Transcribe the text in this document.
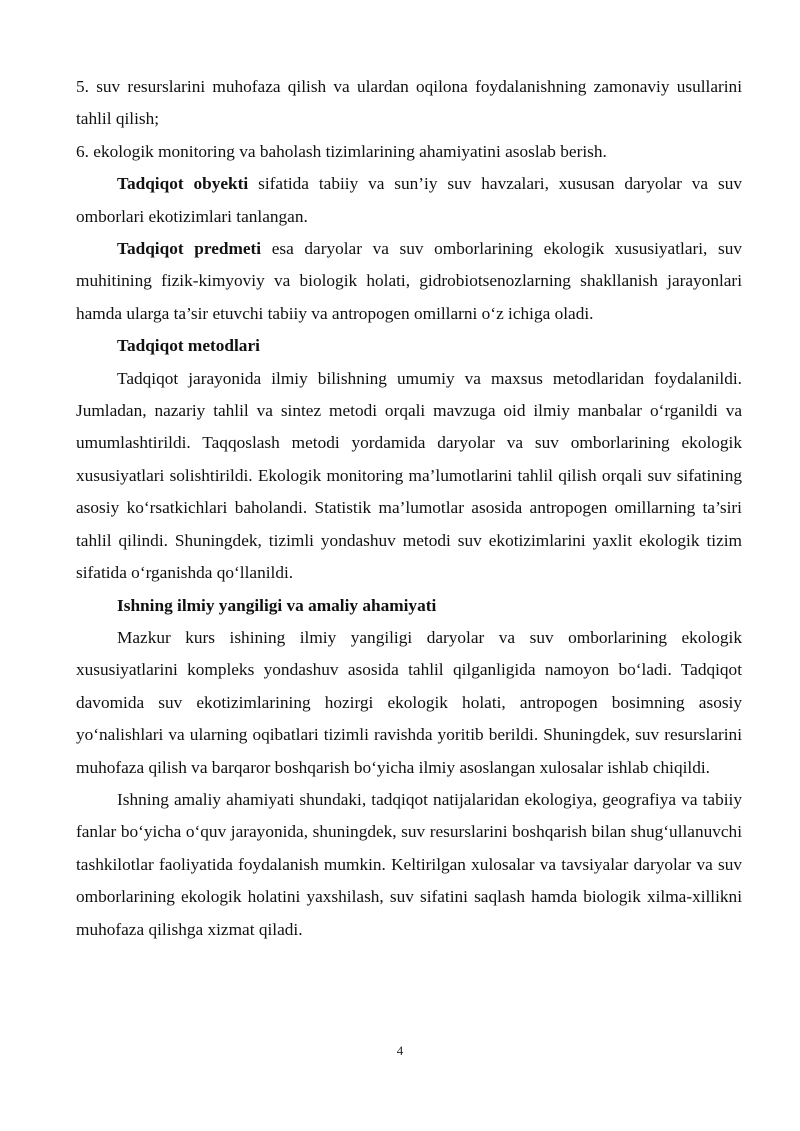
5. suv resurslarini muhofaza qilish va ulardan oqilona foydalanishning zamonaviy usullarini tahlil qilish;

6. ekologik monitoring va baholash tizimlarining ahamiyatini asoslab berish.

Tadqiqot obyekti sifatida tabiiy va sun’iy suv havzalari, xususan daryolar va suv omborlari ekotizimlari tanlangan.

Tadqiqot predmeti esa daryolar va suv omborlarining ekologik xususiyatlari, suv muhitining fizik-kimyoviy va biologik holati, gidrobiotsenozlarning shakllanish jarayonlari hamda ularga ta’sir etuvchi tabiiy va antropogen omillarni o‘z ichiga oladi.

Tadqiqot metodlari

Tadqiqot jarayonida ilmiy bilishning umumiy va maxsus metodlaridan foydalanildi. Jumladan, nazariy tahlil va sintez metodi orqali mavzuga oid ilmiy manbalar o‘rganildi va umumlashtirildi. Taqqoslash metodi yordamida daryolar va suv omborlarining ekologik xususiyatlari solishtirildi. Ekologik monitoring ma’lumotlarini tahlil qilish orqali suv sifatining asosiy ko‘rsatkichlari baholandi. Statistik ma’lumotlar asosida antropogen omillarning ta’siri tahlil qilindi. Shuningdek, tizimli yondashuv metodi suv ekotizimlarini yaxlit ekologik tizim sifatida o‘rganishda qo‘llanildi.

Ishning ilmiy yangiligi va amaliy ahamiyati

Mazkur kurs ishining ilmiy yangiligi daryolar va suv omborlarining ekologik xususiyatlarini kompleks yondashuv asosida tahlil qilganligida namoyon bo‘ladi. Tadqiqot davomida suv ekotizimlarining hozirgi ekologik holati, antropogen bosimning asosiy yo‘nalishlari va ularning oqibatlari tizimli ravishda yoritib berildi. Shuningdek, suv resurslarini muhofaza qilish va barqaror boshqarish bo‘yicha ilmiy asoslangan xulosalar ishlab chiqildi.

Ishning amaliy ahamiyati shundaki, tadqiqot natijalaridan ekologiya, geografiya va tabiiy fanlar bo‘yicha o‘quv jarayonida, shuningdek, suv resurslarini boshqarish bilan shug‘ullanuvchi tashkilotlar faoliyatida foydalanish mumkin. Keltirilgan xulosalar va tavsiyalar daryolar va suv omborlarining ekologik holatini yaxshilash, suv sifatini saqlash hamda biologik xilma-xillikni muhofaza qilishga xizmat qiladi.

4
